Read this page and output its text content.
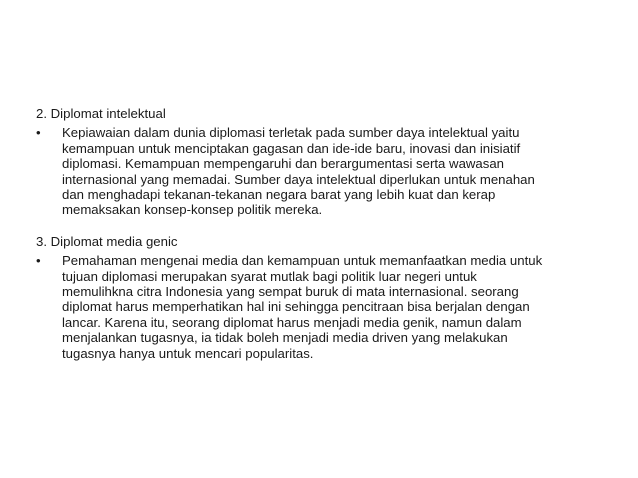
2. Diplomat intelektual
•	Kepiawaian dalam dunia diplomasi terletak pada sumber daya intelektual yaitu
kemampuan untuk menciptakan gagasan dan ide-ide baru, inovasi dan inisiatif
diplomasi. Kemampuan mempengaruhi dan berargumentasi serta wawasan
internasional yang memadai. Sumber daya intelektual diperlukan untuk menahan
dan menghadapi tekanan-tekanan negara barat yang lebih kuat dan kerap
memaksakan konsep-konsep politik mereka.
3. Diplomat media genic
•	Pemahaman mengenai media dan kemampuan untuk memanfaatkan media untuk
tujuan diplomasi merupakan syarat mutlak bagi politik luar negeri untuk
memulihkna citra Indonesia yang sempat buruk di mata internasional. seorang
diplomat harus memperhatikan hal ini sehingga pencitraan bisa berjalan dengan
lancar. Karena itu, seorang diplomat harus menjadi media genik, namun dalam
menjalankan tugasnya, ia tidak boleh menjadi media driven yang melakukan
tugasnya hanya untuk mencari popularitas.
